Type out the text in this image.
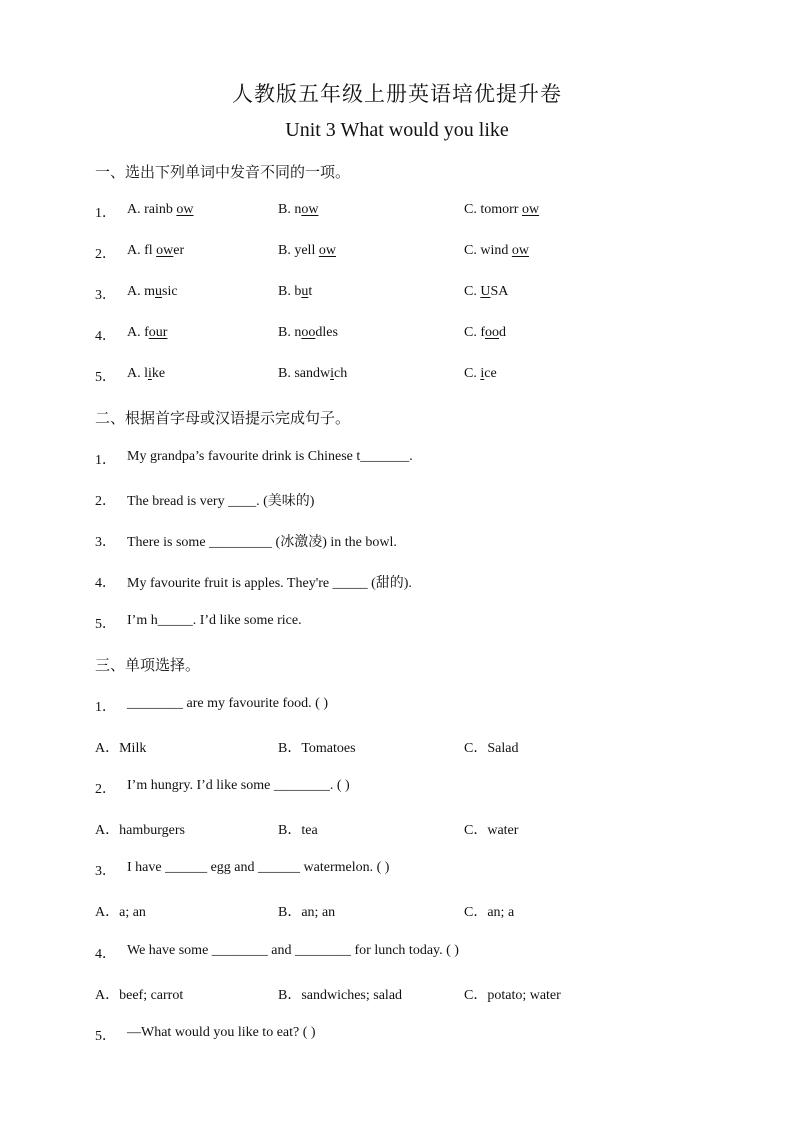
人教版五年级上册英语培优提升卷
Unit 3 What would you like
一、选出下列单词中发音不同的一项。
1． A. rainb ow	B. now	C. tomorr ow
2． A. fl ower	B. yell ow	C. wind ow
3． A. music	B. but	C. USA
4． A. four	B. noodles	C. food
5． A. like	B. sandwich	C. ice
二、根据首字母或汉语提示完成句子。
1． My grandpa’s favourite drink is Chinese t_______.
2． The bread is very ____. (美味的)
3． There is some _________ (冰激凌) in the bowl.
4． My favourite fruit is apples. They're _____ (甜的).
5． I’m h_____. I’d like some rice.
三、单项选择。
1． ________ are my favourite food. ( )
A．Milk	B．Tomatoes	C．Salad
2． I’m hungry. I’d like some ________. ( )
A．hamburgers	B．tea	C．water
3． I have ______ egg and ______ watermelon. ( )
A．a; an	B．an; an	C．an; a
4． We have some ________ and ________ for lunch today. ( )
A．beef; carrot	B．sandwiches; salad	C．potato; water
5． —What would you like to eat? ( )
